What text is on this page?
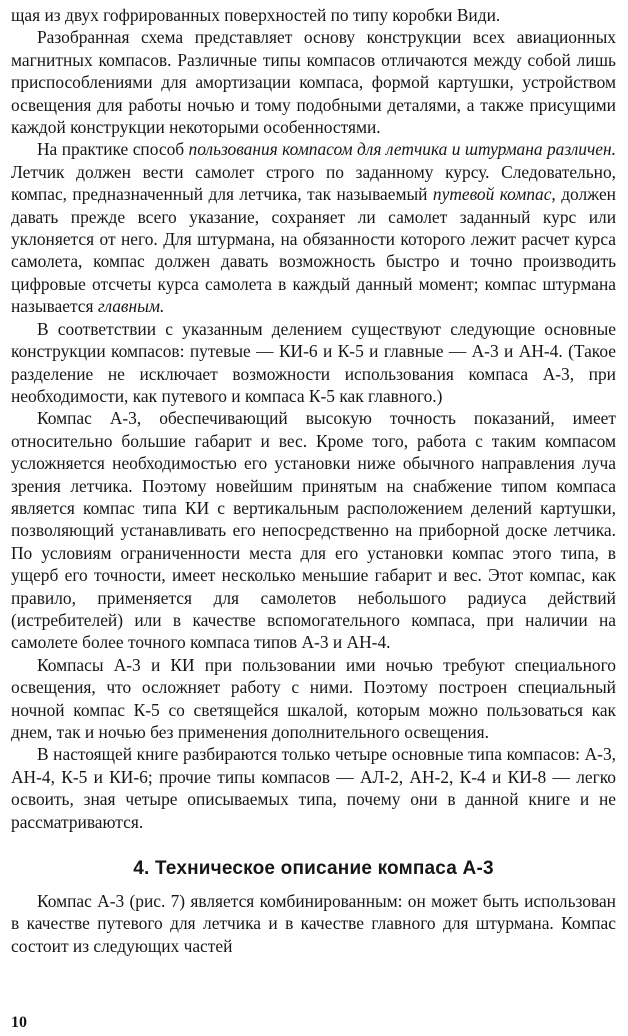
щая из двух гофрированных поверхностей по типу коробки Види.

Разобранная схема представляет основу конструкции всех авиационных магнитных компасов. Различные типы компасов отличаются между собой лишь приспособлениями для амортизации компаса, формой картушки, устройством освещения для работы ночью и тому подобными деталями, а также присущими каждой конструкции некоторыми особенностями.

На практике способ пользования компасом для летчика и штурмана различен. Летчик должен вести самолет строго по заданному курсу. Следовательно, компас, предназначенный для летчика, так называемый путевой компас, должен давать прежде всего указание, сохраняет ли самолет заданный курс или уклоняется от него. Для штурмана, на обязанности которого лежит расчет курса самолета, компас должен давать возможность быстро и точно производить цифровые отсчеты курса самолета в каждый данный момент; компас штурмана называется главным.

В соответствии с указанным делением существуют следующие основные конструкции компасов: путевые — КИ-6 и К-5 и главные — А-3 и АН-4. (Такое разделение не исключает возможности использования компаса А-3, при необходимости, как путевого и компаса К-5 как главного.)

Компас А-3, обеспечивающий высокую точность показаний, имеет относительно большие габарит и вес. Кроме того, работа с таким компасом усложняется необходимостью его установки ниже обычного направления луча зрения летчика. Поэтому новейшим принятым на снабжение типом компаса является компас типа КИ с вертикальным расположением делений картушки, позволяющий устанавливать его непосредственно на приборной доске летчика. По условиям ограниченности места для его установки компас этого типа, в ущерб его точности, имеет несколько меньшие габарит и вес. Этот компас, как правило, применяется для самолетов небольшого радиуса действий (истребителей) или в качестве вспомогательного компаса, при наличии на самолете более точного компаса типов А-3 и АН-4.

Компасы А-3 и КИ при пользовании ими ночью требуют специального освещения, что осложняет работу с ними. Поэтому построен специальный ночной компас К-5 со светящейся шкалой, которым можно пользоваться как днем, так и ночью без применения дополнительного освещения.

В настоящей книге разбираются только четыре основные типа компасов: А-3, АН-4, К-5 и КИ-6; прочие типы компасов — АЛ-2, АН-2, К-4 и КИ-8 — легко освоить, зная четыре описываемых типа, почему они в данной книге и не рассматриваются.

4. Техническое описание компаса А-3

Компас А-3 (рис. 7) является комбинированным: он может быть использован в качестве путевого для летчика и в качестве главного для штурмана. Компас состоит из следующих частей

10
